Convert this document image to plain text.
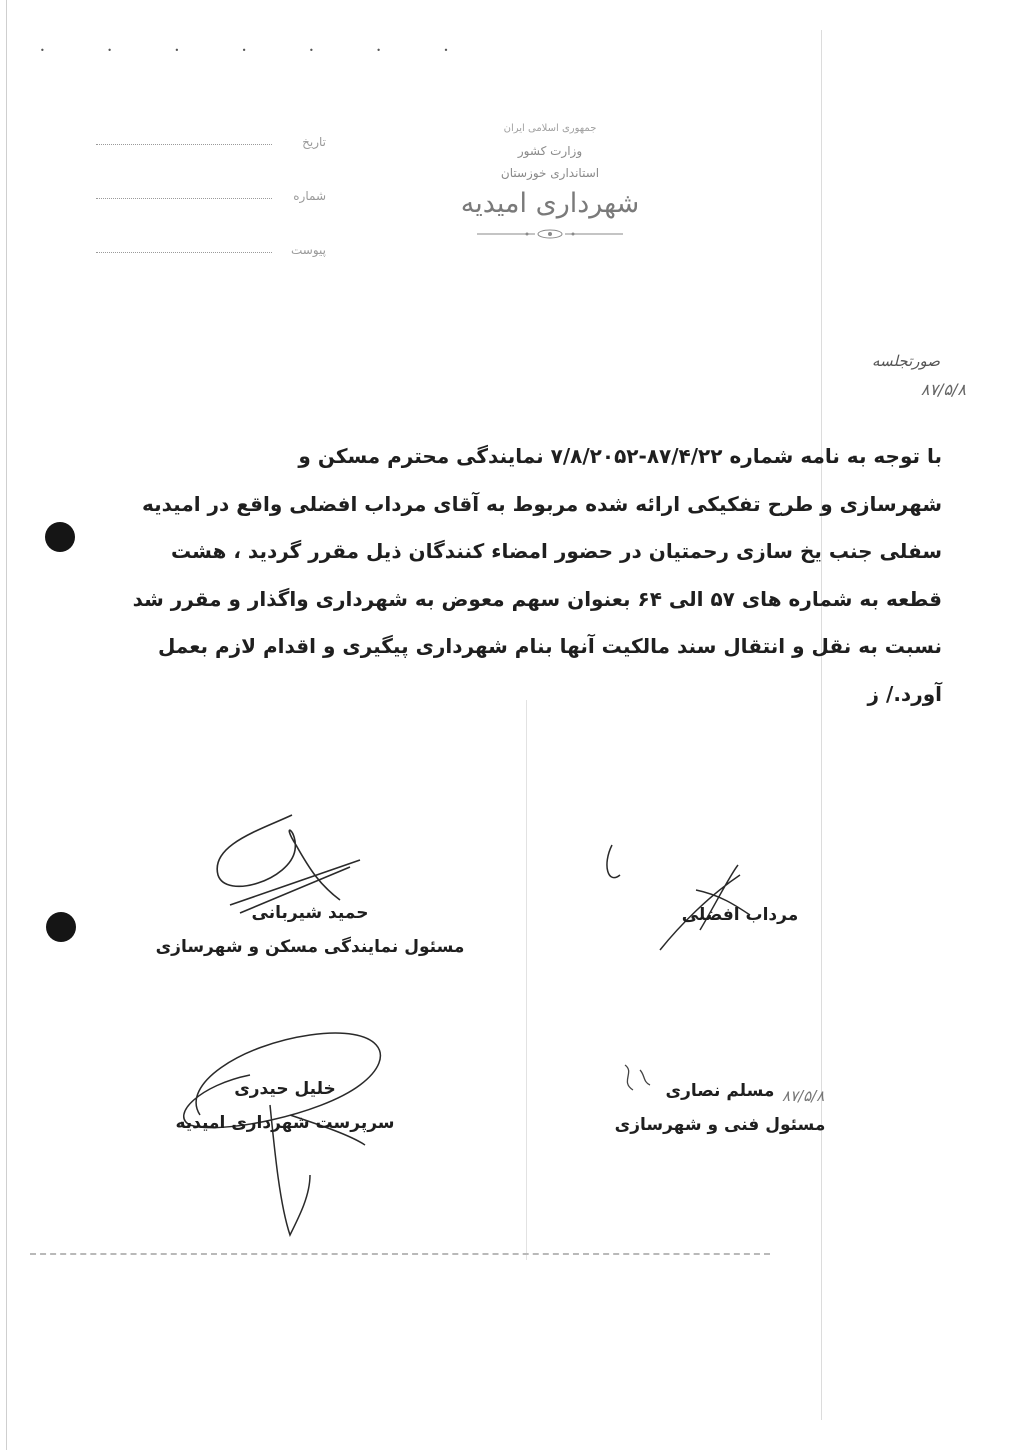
• • • • • • •
جمهوری اسلامی ایران
وزارت کشور
استانداری خوزستان
شهرداری امیدیه
تاریخ
شماره
پیوست
صورتجلسه
۸۷/۵/۸
با توجه به نامه شماره ۸۷/۴/۲۲-۷/۸/۲۰۵۲ نمایندگی محترم مسکن و
شهرسازی و طرح تفکیکی ارائه شده مربوط به آقای مرداب افضلی واقع در امیدیه
سفلی جنب یخ سازی رحمتیان در حضور امضاء کنندگان ذیل مقرر گردید ، هشت
قطعه به شماره های ۵۷ الی ۶۴ بعنوان سهم معوض به شهرداری واگذار و مقرر شد
نسبت به نقل و انتقال سند مالکیت آنها بنام شهرداری پیگیری و اقدام لازم بعمل
آورد./ ز
حمید شیربانی
مسئول نمایندگی مسکن و شهرسازی
مرداب افضلی
خلیل حیدری
سرپرست شهرداری امیدیه
مسلم نصاری
مسئول فنی و شهرسازی
۸۷/۵/۸
